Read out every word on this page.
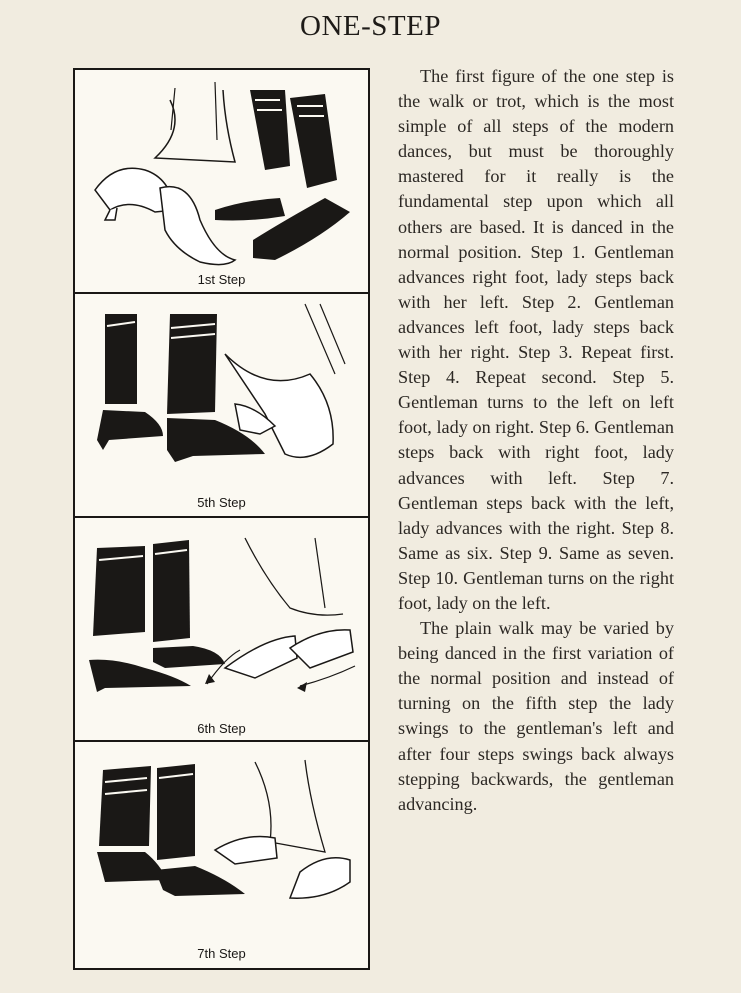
ONE-STEP
1st Step
5th Step
6th Step
7th Step

The first figure of the one step is the walk or trot, which is the most simple of all steps of the modern dances, but must be thoroughly mastered for it really is the fundamental step upon which all others are based. It is danced in the normal position. Step 1. Gentleman advances right foot, lady steps back with her left. Step 2. Gentleman advances left foot, lady steps back with her right. Step 3. Repeat first. Step 4. Repeat second. Step 5. Gentleman turns to the left on left foot, lady on right. Step 6. Gentleman steps back with right foot, lady advances with left. Step 7. Gentleman steps back with the left, lady advances with the right. Step 8. Same as six. Step 9. Same as seven. Step 10. Gentleman turns on the right foot, lady on the left.

The plain walk may be varied by being danced in the first variation of the normal position and instead of turning on the fifth step the lady swings to the gentleman's left and after four steps swings back always stepping backwards, the gentleman advancing.
